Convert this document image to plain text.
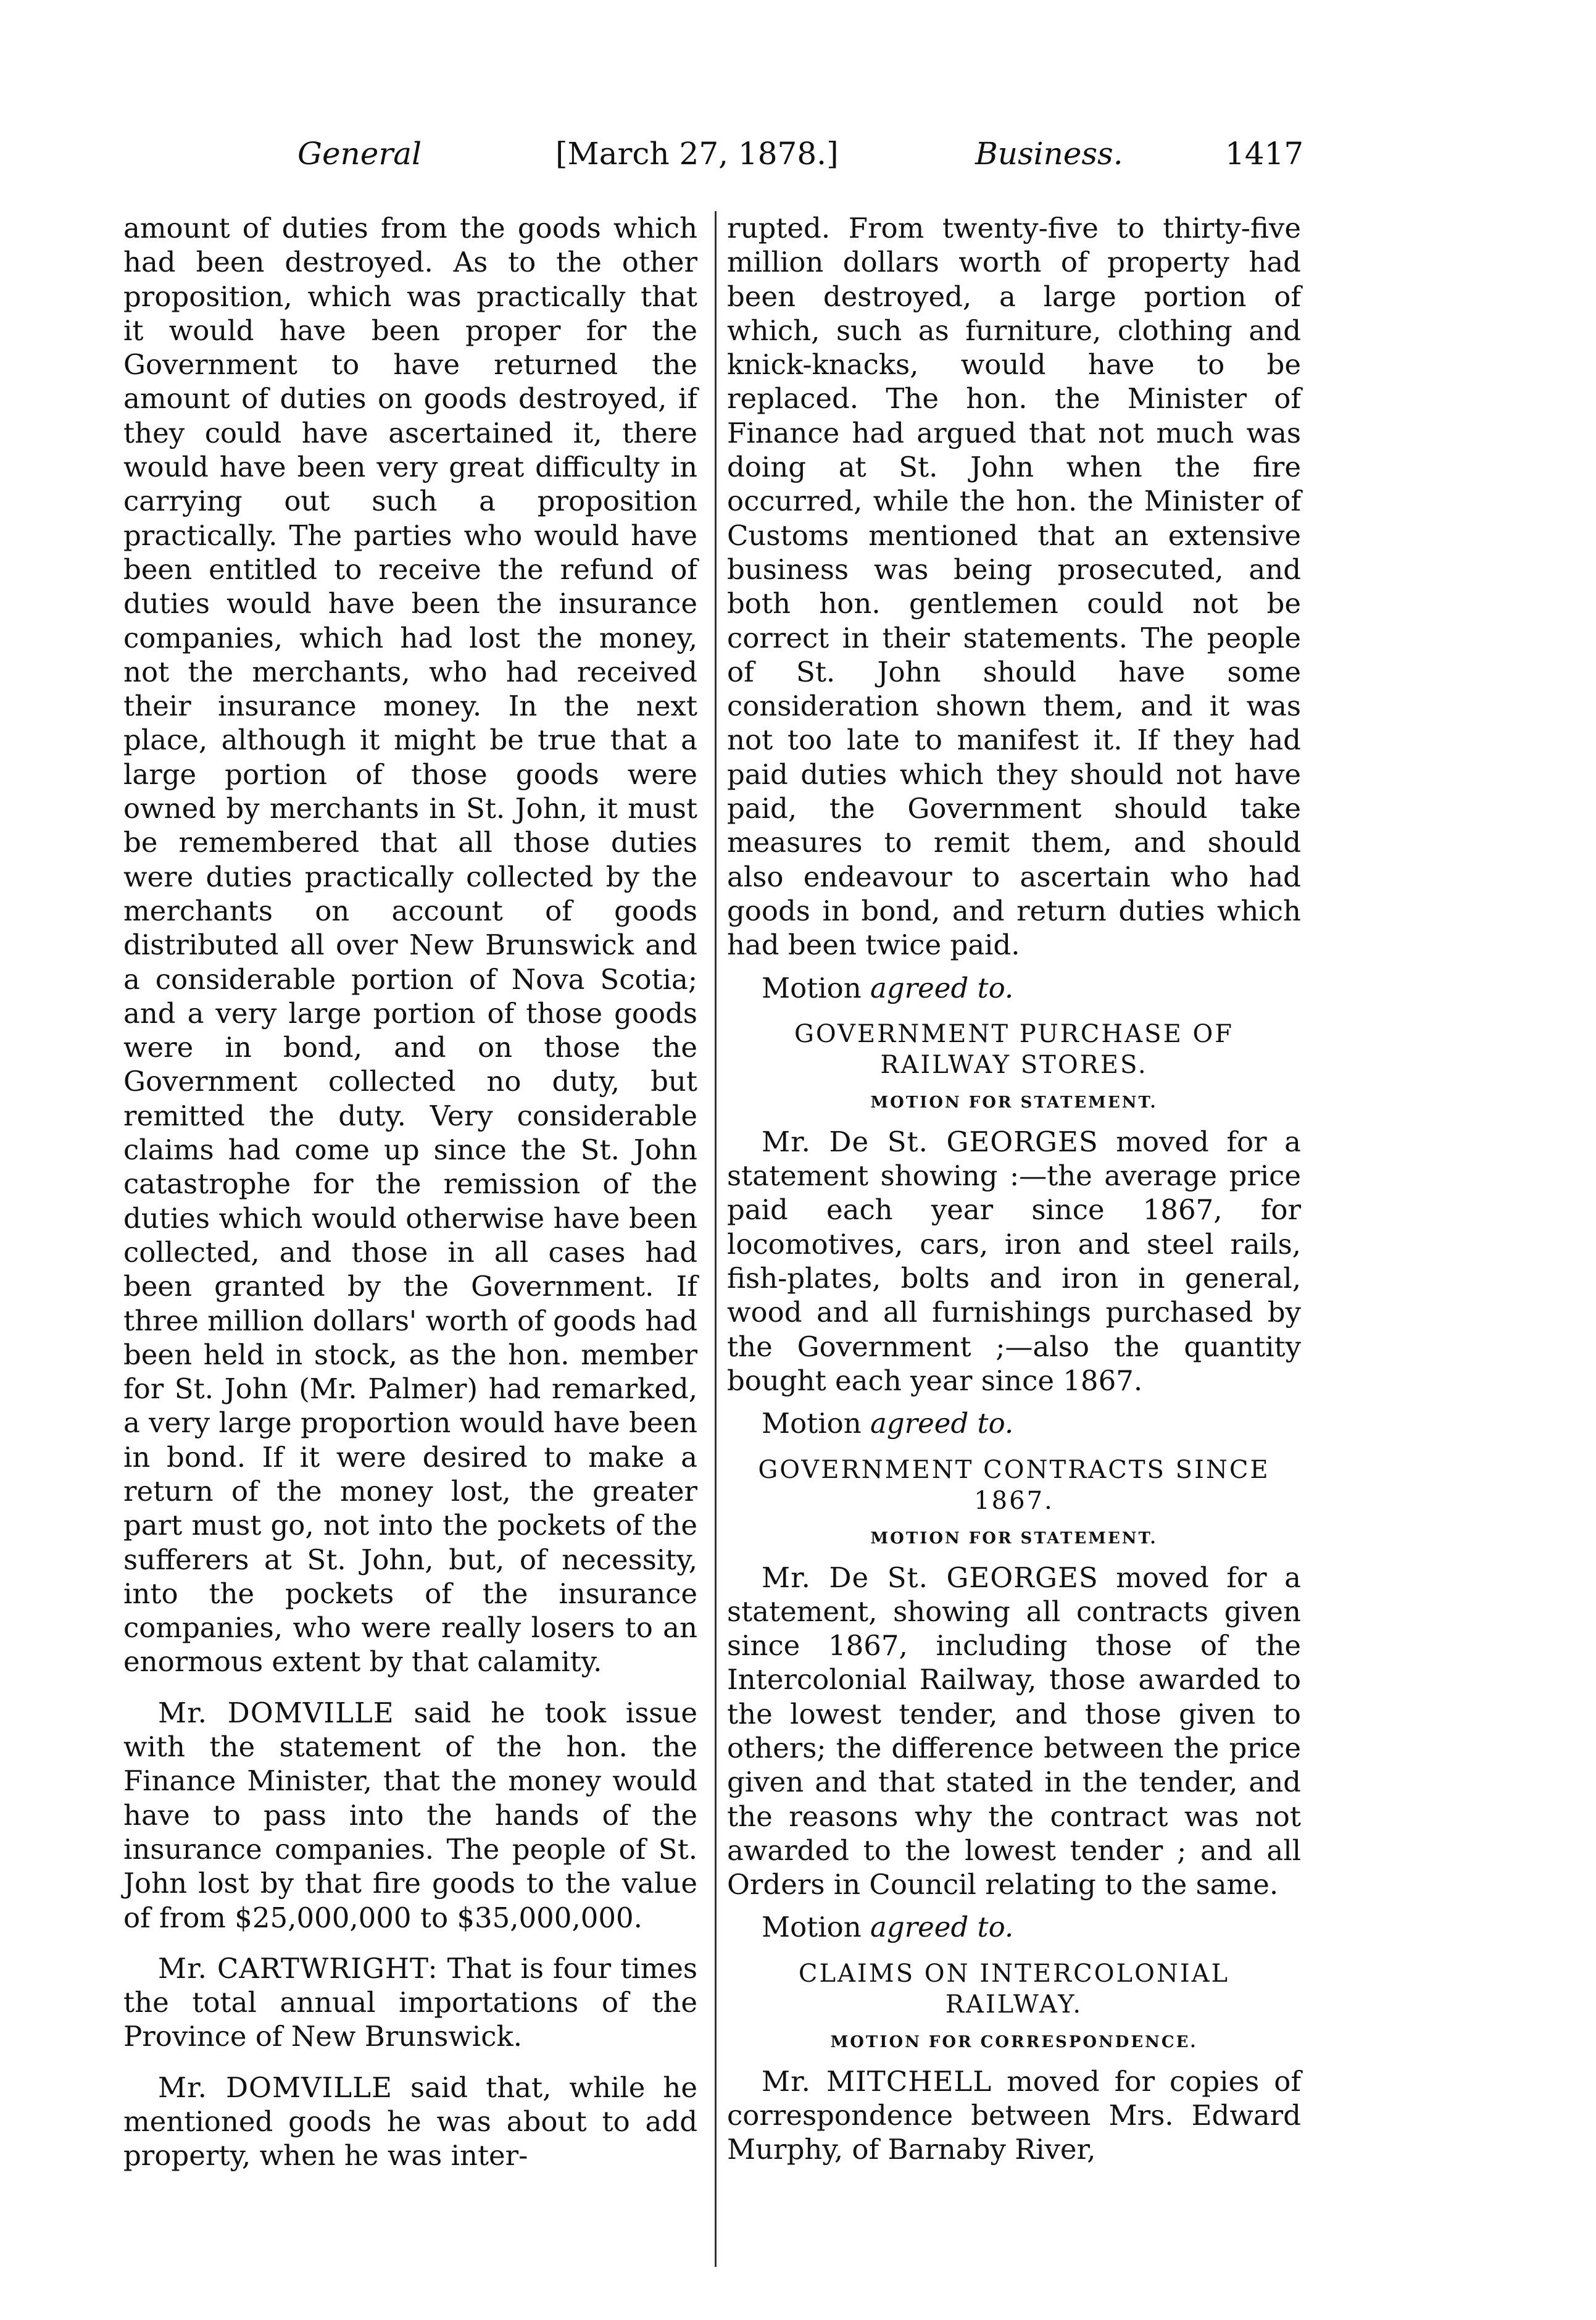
General	[March 27, 1878.]	Business.	1417

amount of duties from the goods which had been destroyed. As to the other proposition, which was practically that it would have been proper for the Government to have returned the amount of duties on goods destroyed, if they could have ascertained it, there would have been very great difficulty in carrying out such a proposition practically. The parties who would have been entitled to receive the refund of duties would have been the insurance companies, which had lost the money, not the merchants, who had received their insurance money. In the next place, although it might be true that a large portion of those goods were owned by merchants in St. John, it must be remembered that all those duties were duties practically collected by the merchants on account of goods distributed all over New Brunswick and a considerable portion of Nova Scotia; and a very large portion of those goods were in bond, and on those the Government collected no duty, but remitted the duty. Very considerable claims had come up since the St. John catastrophe for the remission of the duties which would otherwise have been collected, and those in all cases had been granted by the Government. If three million dollars' worth of goods had been held in stock, as the hon. member for St. John (Mr. Palmer) had remarked, a very large proportion would have been in bond. If it were desired to make a return of the money lost, the greater part must go, not into the pockets of the sufferers at St. John, but, of necessity, into the pockets of the insurance companies, who were really losers to an enormous extent by that calamity.

Mr. DOMVILLE said he took issue with the statement of the hon. the Finance Minister, that the money would have to pass into the hands of the insurance companies. The people of St. John lost by that fire goods to the value of from $25,000,000 to $35,000,000.

Mr. CARTWRIGHT: That is four times the total annual importations of the Province of New Brunswick.

Mr. DOMVILLE said that, while he mentioned goods he was about to add property, when he was inter-

rupted. From twenty-five to thirty-five million dollars worth of property had been destroyed, a large portion of which, such as furniture, clothing and knick-knacks, would have to be replaced. The hon. the Minister of Finance had argued that not much was doing at St. John when the fire occurred, while the hon. the Minister of Customs mentioned that an extensive business was being prosecuted, and both hon. gentlemen could not be correct in their statements. The people of St. John should have some consideration shown them, and it was not too late to manifest it. If they had paid duties which they should not have paid, the Government should take measures to remit them, and should also endeavour to ascertain who had goods in bond, and return duties which had been twice paid.

Motion agreed to.

GOVERNMENT PURCHASE OF RAILWAY STORES.

MOTION FOR STATEMENT.

Mr. De St. GEORGES moved for a statement showing :—the average price paid each year since 1867, for locomotives, cars, iron and steel rails, fish-plates, bolts and iron in general, wood and all furnishings purchased by the Government ;—also the quantity bought each year since 1867.

Motion agreed to.

GOVERNMENT CONTRACTS SINCE 1867.

MOTION FOR STATEMENT.

Mr. De St. GEORGES moved for a statement, showing all contracts given since 1867, including those of the Intercolonial Railway, those awarded to the lowest tender, and those given to others; the difference between the price given and that stated in the tender, and the reasons why the contract was not awarded to the lowest tender ; and all Orders in Council relating to the same.

Motion agreed to.

CLAIMS ON INTERCOLONIAL RAILWAY.

MOTION FOR CORRESPONDENCE.

Mr. MITCHELL moved for copies of correspondence between Mrs. Edward Murphy, of Barnaby River,
